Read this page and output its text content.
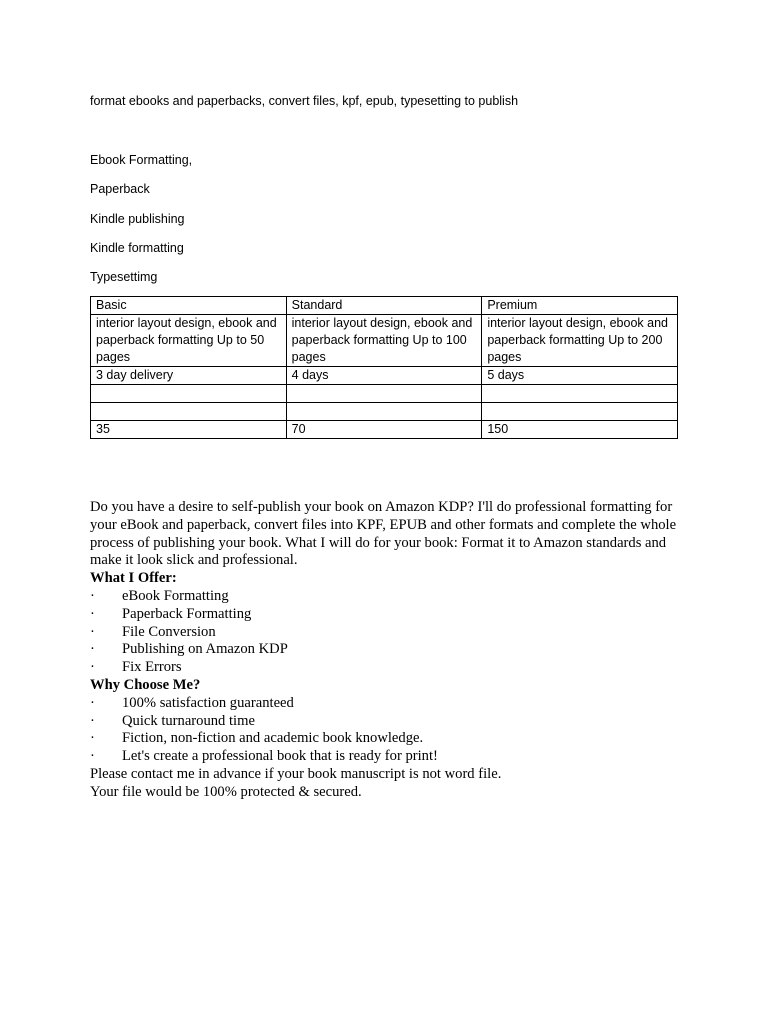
format ebooks and paperbacks, convert files, kpf, epub, typesetting to publish
Ebook Formatting,
Paperback
Kindle publishing
Kindle formatting
Typesettimg
Basic	Standard	Premium
interior layout design, ebook and paperback formatting Up to 50 pages	interior layout design, ebook and paperback formatting Up to 100 pages	interior layout design, ebook and paperback formatting Up to 200 pages
3 day delivery	4 days	5 days

35	70	150

Do you have a desire to self-publish your book on Amazon KDP? I'll do professional formatting for your eBook and paperback, convert files into KPF, EPUB and other formats and complete the whole process of publishing your book. What I will do for your book: Format it to Amazon standards and make it look slick and professional.

What I Offer:

·	eBook Formatting
·	Paperback Formatting
·	File Conversion
·	Publishing on Amazon KDP
·	Fix Errors

Why Choose Me?

·	100% satisfaction guaranteed
·	Quick turnaround time
·	Fiction, non-fiction and academic book knowledge.
·	Let's create a professional book that is ready for print!

Please contact me in advance if your book manuscript is not word file.

Your file would be 100% protected & secured.
